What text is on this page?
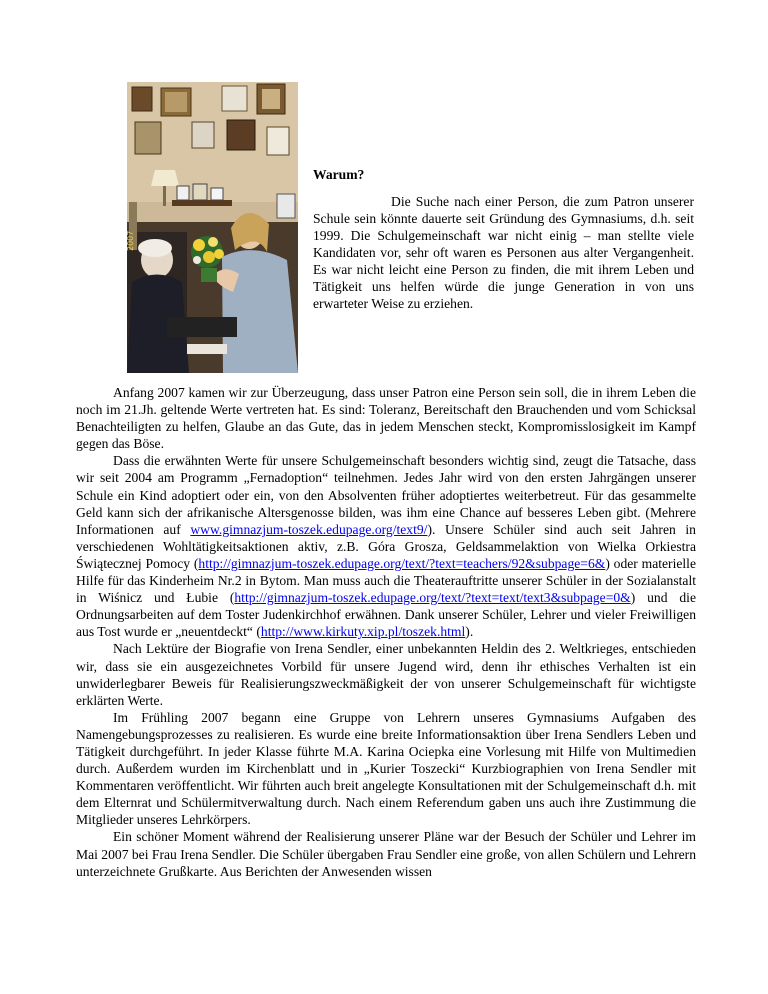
2007
Warum?

Die Suche nach einer Person, die zum Patron unserer Schule sein könnte dauerte seit Gründung des Gymnasiums, d.h. seit 1999. Die Schulgemeinschaft war nicht einig – man stellte viele Kandidaten vor, sehr oft waren es Personen aus alter Vergangenheit. Es war nicht leicht eine Person zu finden, die mit ihrem Leben und Tätigkeit uns helfen würde die junge Generation in von uns erwarteter Weise zu erziehen.

Anfang 2007 kamen wir zur Überzeugung, dass unser Patron eine Person sein soll, die in ihrem Leben die noch im 21.Jh. geltende Werte vertreten hat. Es sind: Toleranz, Bereitschaft den Brauchenden und vom Schicksal Benachteiligten zu helfen, Glaube an das Gute, das in jedem Menschen steckt, Kompromisslosigkeit im Kampf gegen das Böse.

Dass die erwähnten Werte für unsere Schulgemeinschaft besonders wichtig sind, zeugt die Tatsache, dass wir seit 2004 am Programm „Fernadoption“ teilnehmen. Jedes Jahr wird von den ersten Jahrgängen unserer Schule ein Kind adoptiert oder ein, von den Absolventen früher adoptiertes weiterbetreut. Für das gesammelte Geld kann sich der afrikanische Altersgenosse bilden, was ihm eine Chance auf besseres Leben gibt. (Mehrere Informationen auf www.gimnazjum-toszek.edupage.org/text9/). Unsere Schüler sind auch seit Jahren in verschiedenen Wohltätigkeitsaktionen aktiv, z.B. Góra Grosza, Geldsammelaktion von Wielka Orkiestra Świątecznej Pomocy (http://gimnazjum-toszek.edupage.org/text/?text=teachers/92&subpage=6&) oder materielle Hilfe für das Kinderheim Nr.2 in Bytom. Man muss auch die Theaterauftritte unserer Schüler in der Sozialanstalt in Wiśnicz und Łubie (http://gimnazjum-toszek.edupage.org/text/?text=text/text3&subpage=0&) und die Ordnungsarbeiten auf dem Toster Judenkirchhof erwähnen. Dank unserer Schüler, Lehrer und vieler Freiwilligen aus Tost wurde er „neuentdeckt“ (http://www.kirkuty.xip.pl/toszek.html).

Nach Lektüre der Biografie von Irena Sendler, einer unbekannten Heldin des 2. Weltkrieges, entschieden wir, dass sie ein ausgezeichnetes Vorbild für unsere Jugend wird, denn ihr ethisches Verhalten ist ein unwiderlegbarer Beweis für Realisierungszweckmäßigkeit der von unserer Schulgemeinschaft für wichtigste erklärten Werte.

Im Frühling 2007 begann eine Gruppe von Lehrern unseres Gymnasiums Aufgaben des Namengebungsprozesses zu realisieren. Es wurde eine breite Informationsaktion über Irena Sendlers Leben und Tätigkeit durchgeführt. In jeder Klasse führte M.A. Karina Ociepka eine Vorlesung mit Hilfe von Multimedien durch. Außerdem wurden im Kirchenblatt und in „Kurier Toszecki“ Kurzbiographien von Irena Sendler mit Kommentaren veröffentlicht. Wir führten auch breit angelegte Konsultationen mit der Schulgemeinschaft d.h. mit dem Elternrat und Schülermitverwaltung durch. Nach einem Referendum gaben uns auch ihre Zustimmung die Mitglieder unseres Lehrkörpers.

Ein schöner Moment während der Realisierung unserer Pläne war der Besuch der Schüler und Lehrer im Mai 2007 bei Frau Irena Sendler. Die Schüler übergaben Frau Sendler eine große, von allen Schülern und Lehrern unterzeichnete Grußkarte. Aus Berichten der Anwesenden wissen
